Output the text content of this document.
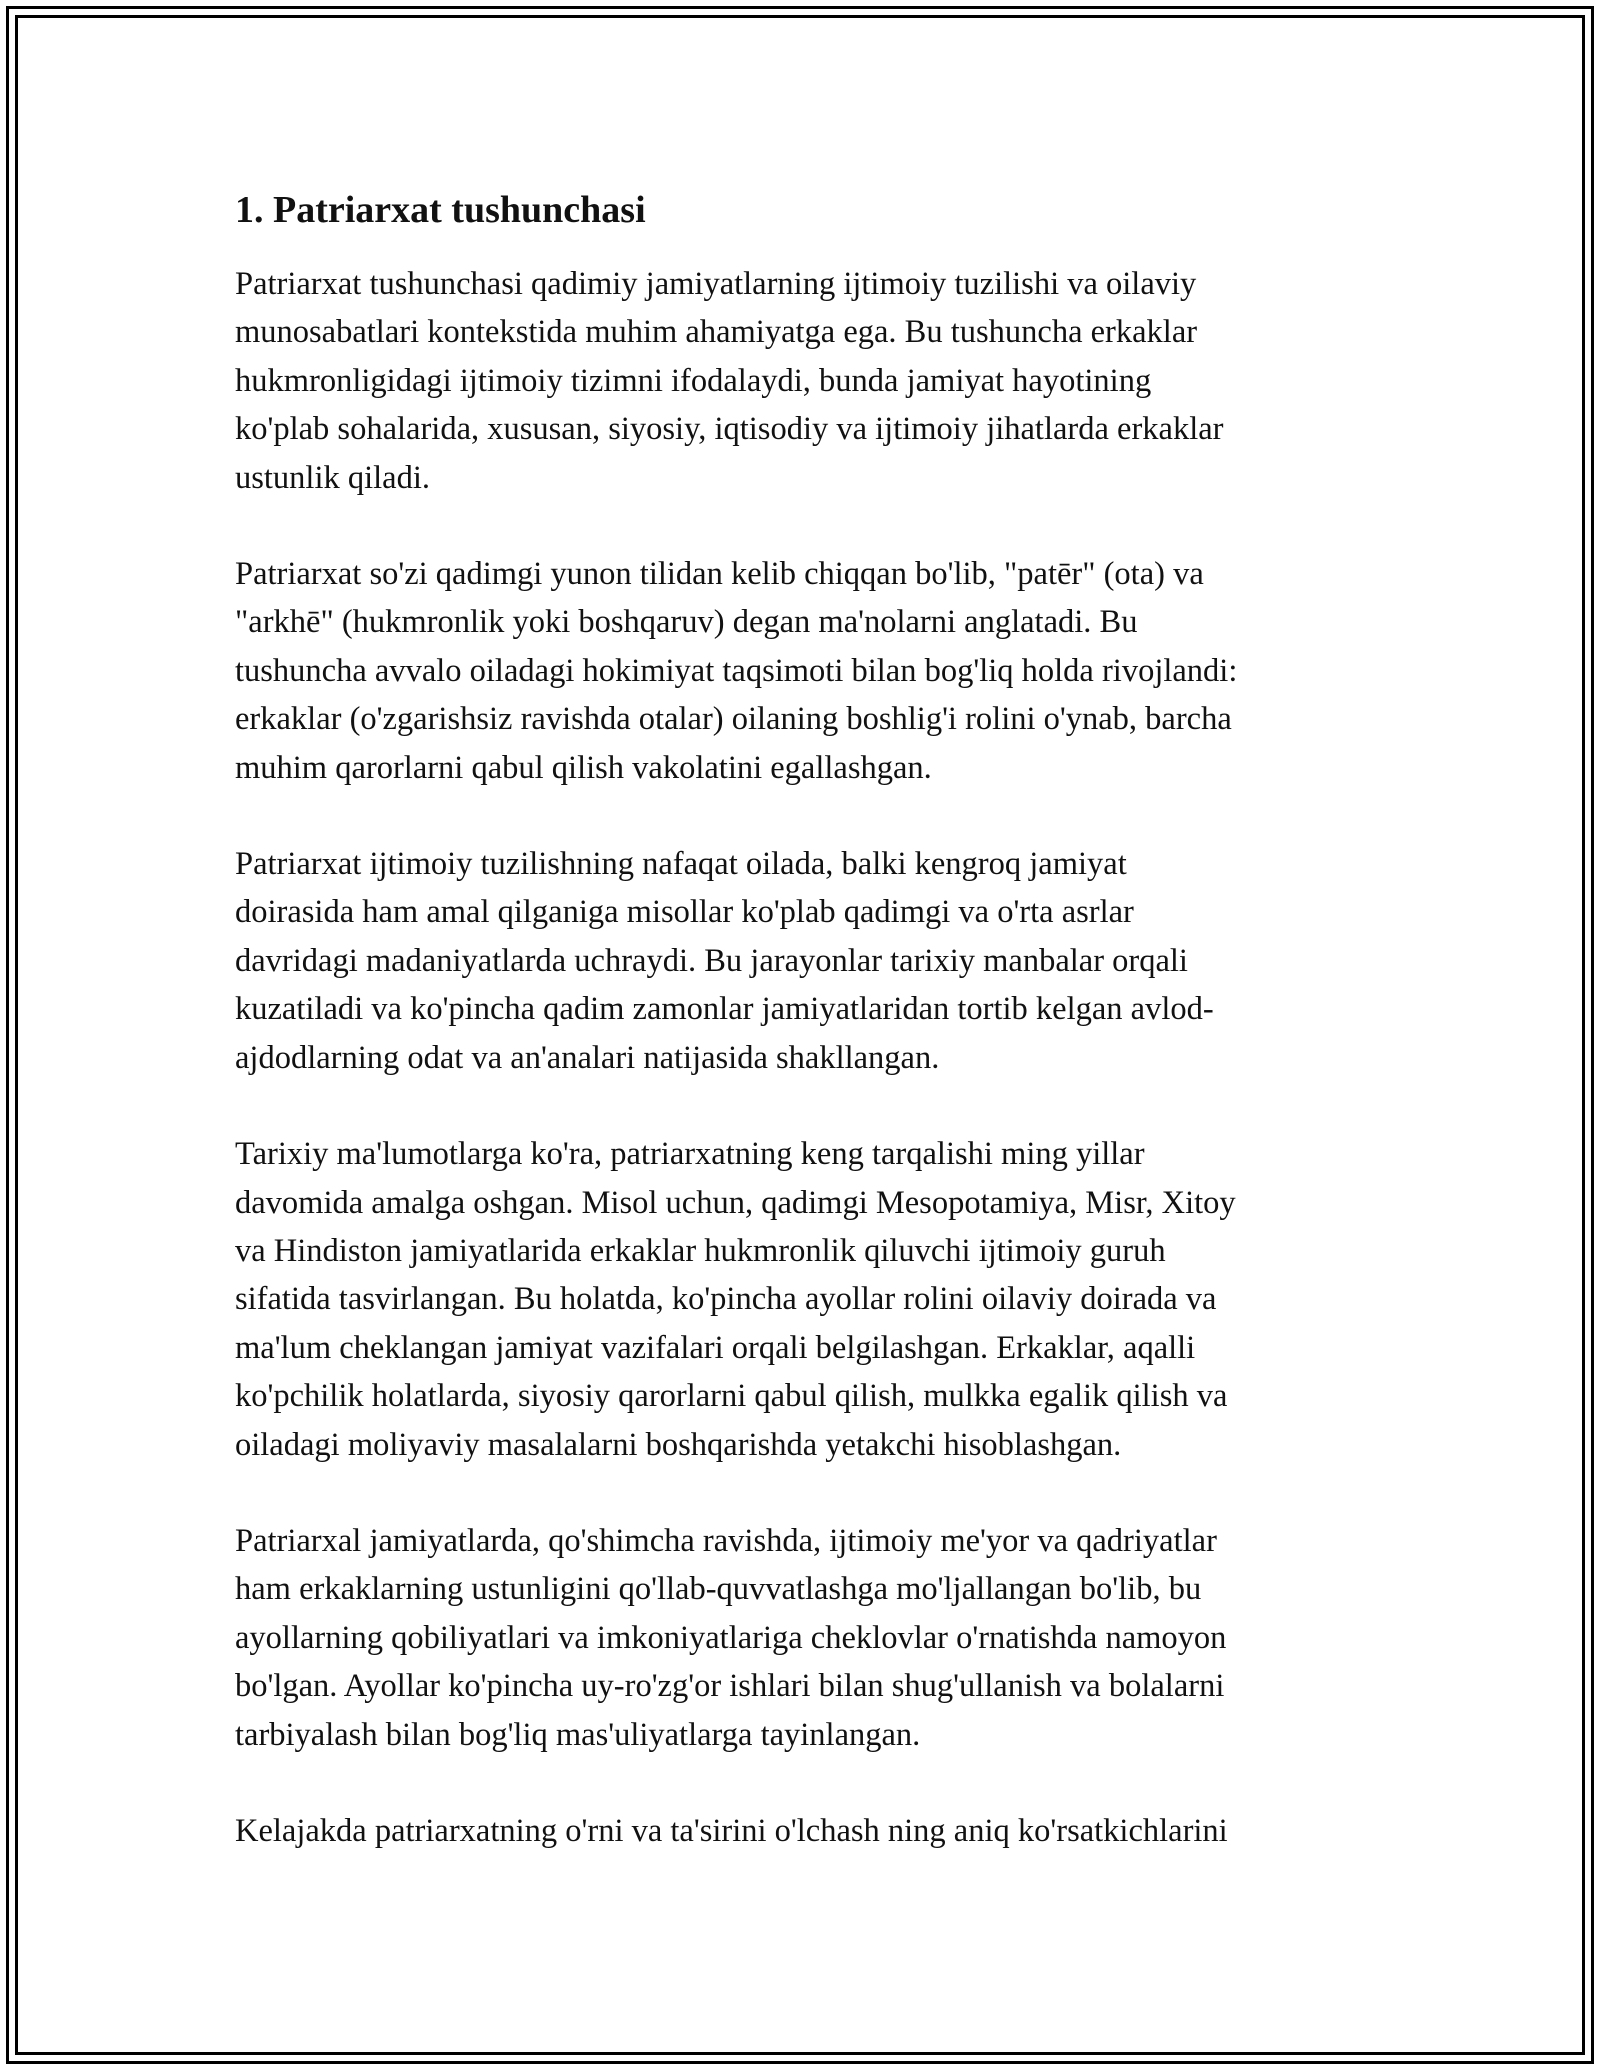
1. Patriarxat tushunchasi

Patriarxat tushunchasi qadimiy jamiyatlarning ijtimoiy tuzilishi va oilaviy
munosabatlari kontekstida muhim ahamiyatga ega. Bu tushuncha erkaklar
hukmronligidagi ijtimoiy tizimni ifodalaydi, bunda jamiyat hayotining
ko'plab sohalarida, xususan, siyosiy, iqtisodiy va ijtimoiy jihatlarda erkaklar
ustunlik qiladi.

Patriarxat so'zi qadimgi yunon tilidan kelib chiqqan bo'lib, "patēr" (ota) va
"arkhē" (hukmronlik yoki boshqaruv) degan ma'nolarni anglatadi. Bu
tushuncha avvalo oiladagi hokimiyat taqsimoti bilan bog'liq holda rivojlandi:
erkaklar (o'zgarishsiz ravishda otalar) oilaning boshlig'i rolini o'ynab, barcha
muhim qarorlarni qabul qilish vakolatini egallashgan.

Patriarxat ijtimoiy tuzilishning nafaqat oilada, balki kengroq jamiyat
doirasida ham amal qilganiga misollar ko'plab qadimgi va o'rta asrlar
davridagi madaniyatlarda uchraydi. Bu jarayonlar tarixiy manbalar orqali
kuzatiladi va ko'pincha qadim zamonlar jamiyatlaridan tortib kelgan avlod-
ajdodlarning odat va an'analari natijasida shakllangan.

Tarixiy ma'lumotlarga ko'ra, patriarxatning keng tarqalishi ming yillar
davomida amalga oshgan. Misol uchun, qadimgi Mesopotamiya, Misr, Xitoy
va Hindiston jamiyatlarida erkaklar hukmronlik qiluvchi ijtimoiy guruh
sifatida tasvirlangan. Bu holatda, ko'pincha ayollar rolini oilaviy doirada va
ma'lum cheklangan jamiyat vazifalari orqali belgilashgan. Erkaklar, aqalli
ko'pchilik holatlarda, siyosiy qarorlarni qabul qilish, mulkka egalik qilish va
oiladagi moliyaviy masalalarni boshqarishda yetakchi hisoblashgan.

Patriarxal jamiyatlarda, qo'shimcha ravishda, ijtimoiy me'yor va qadriyatlar
ham erkaklarning ustunligini qo'llab-quvvatlashga mo'ljallangan bo'lib, bu
ayollarning qobiliyatlari va imkoniyatlariga cheklovlar o'rnatishda namoyon
bo'lgan. Ayollar ko'pincha uy-ro'zg'or ishlari bilan shug'ullanish va bolalarni
tarbiyalash bilan bog'liq mas'uliyatlarga tayinlangan.

Kelajakda patriarxatning o'rni va ta'sirini o'lchash ning aniq ko'rsatkichlarini
